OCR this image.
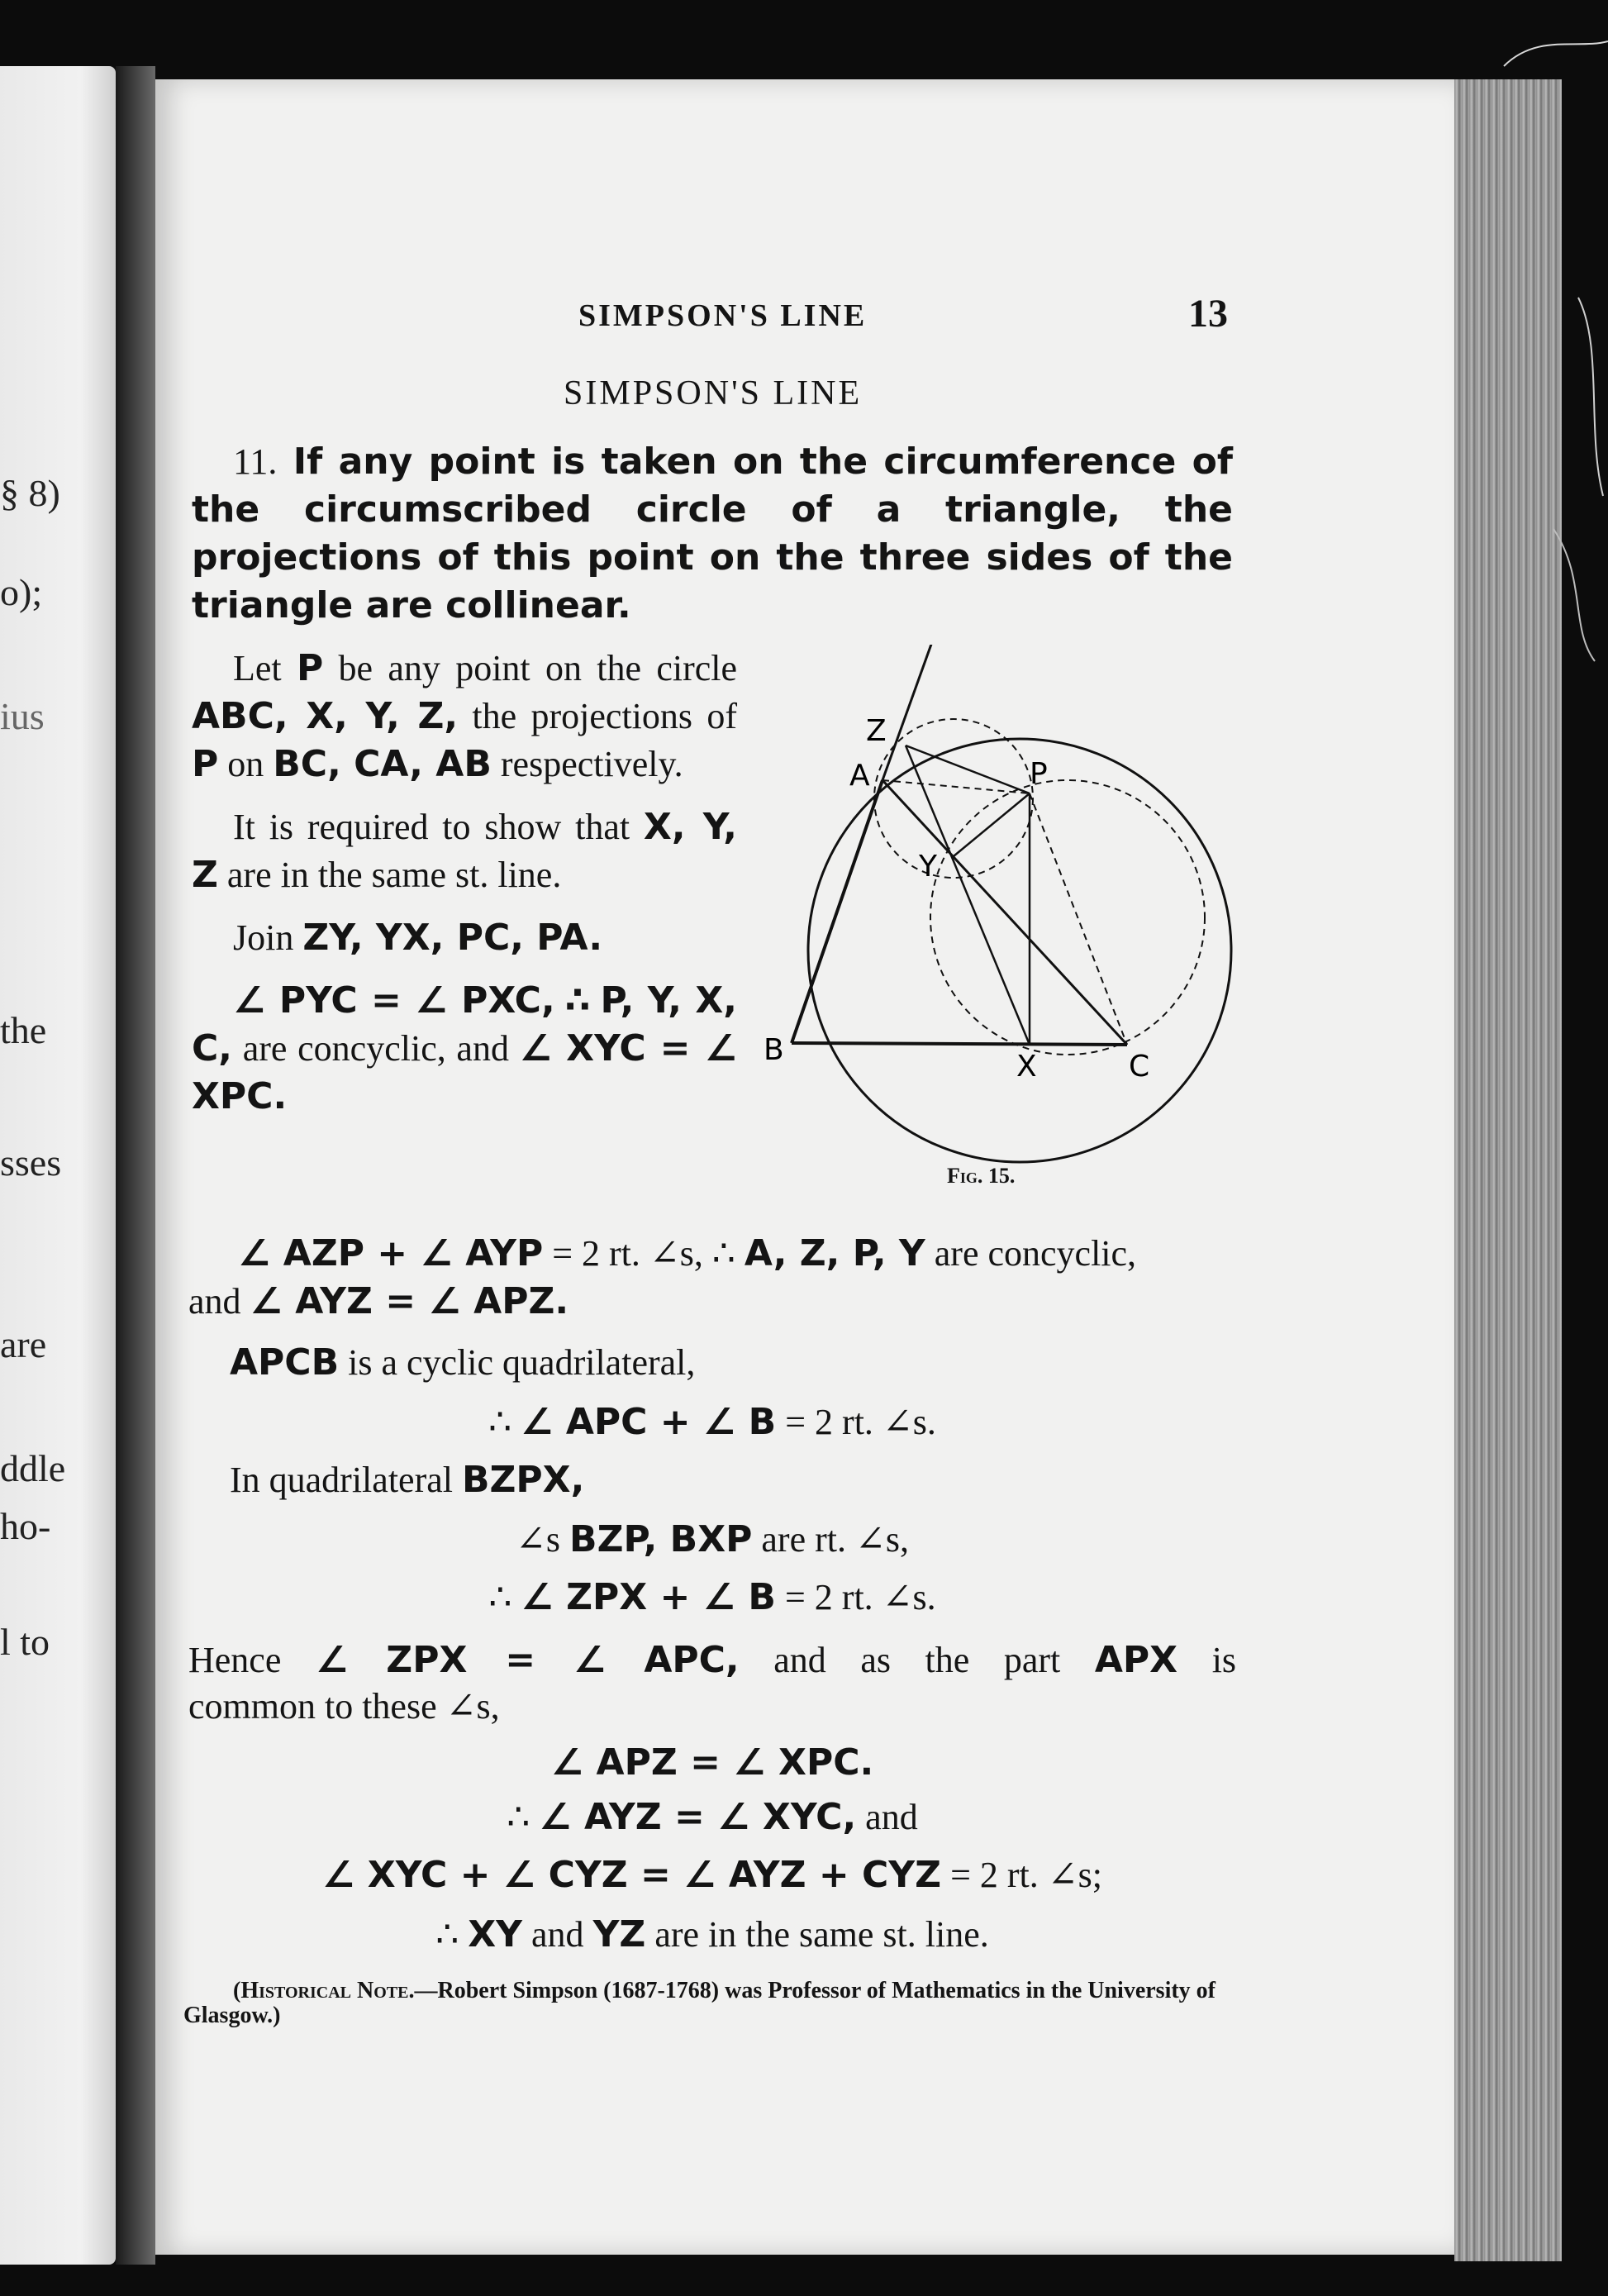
§ 8)
o);
ius
the
sses
are
ddle
ho-
l to
SIMPSON'S LINE	13
SIMPSON'S LINE
11. If any point is taken on the circumference of the circumscribed circle of a triangle, the projections of this point on the three sides of the triangle are collinear.

Let P be any point on the circle ABC, X, Y, Z, the projections of P on BC, CA, AB respectively.

It is required to show that X, Y, Z are in the same st. line.

Join ZY, YX, PC, PA.

∠ PYC = ∠ PXC, ∴ P, Y, X, C, are concyclic, and ∠ XYC = ∠ XPC.

Z
A	P
Y
B	X	C
Fig. 15.
∠ AZP + ∠ AYP = 2 rt. ∠s, ∴ A, Z, P, Y are concyclic,
and ∠ AYZ = ∠ APZ.
APCB is a cyclic quadrilateral,
∴ ∠ APC + ∠ B = 2 rt. ∠s.
In quadrilateral BZPX,
∠s BZP, BXP are rt. ∠s,
∴ ∠ ZPX + ∠ B = 2 rt. ∠s.
Hence ∠ ZPX = ∠ APC, and as the part APX is
common to these ∠s,
∠ APZ = ∠ XPC.
∴ ∠ AYZ = ∠ XYC, and
∠ XYC + ∠ CYZ = ∠ AYZ + CYZ = 2 rt. ∠s;
∴ XY and YZ are in the same st. line.
(Historical Note.—Robert Simpson (1687-1768) was Professor of Mathematics in the University of Glasgow.)
